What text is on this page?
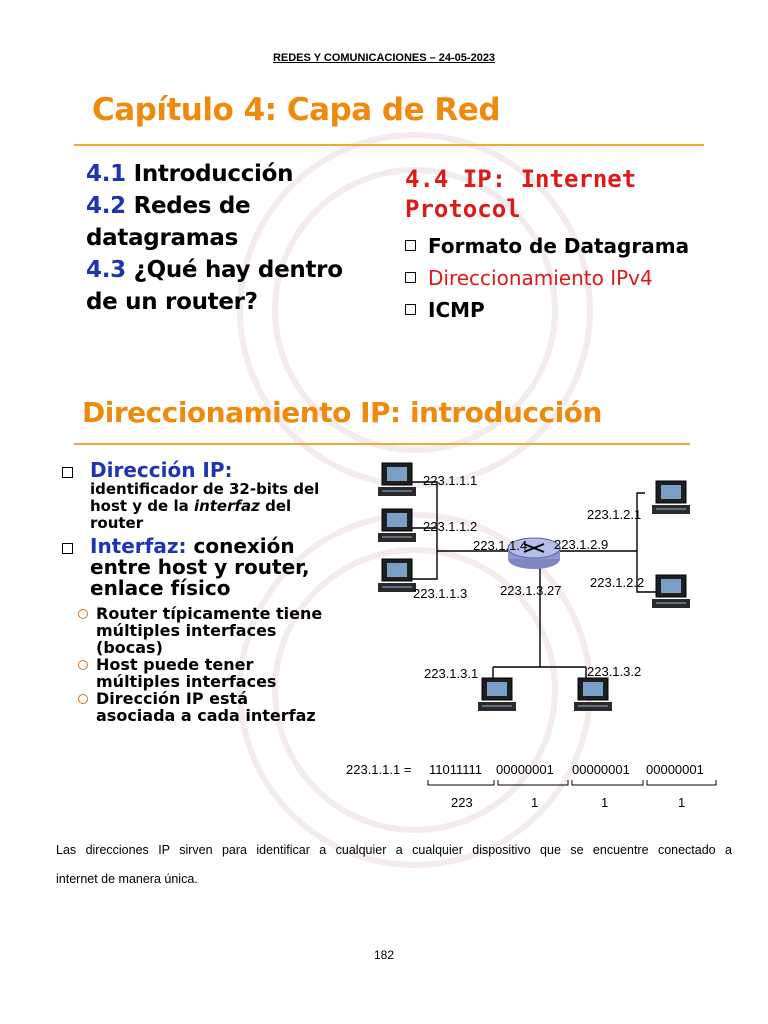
REDES Y COMUNICACIONES – 24-05-2023
Capítulo 4: Capa de Red
4.1 Introducción
4.2 Redes de
datagramas
4.3 ¿Qué hay dentro
de un router?
4.4 IP: Internet
Protocol
Formato de Datagrama
Direccionamiento IPv4
ICMP
Direccionamiento IP: introducción
Dirección IP:
identificador de 32-bits del
host y de la interfaz del
router
Interfaz: conexión
entre host y router,
enlace físico
Router típicamente tiene
múltiples interfaces
(bocas)
Host puede tener
múltiples interfaces
Dirección IP está
asociada a cada interfaz
223.1.1.1
223.1.1.2
223.1.1.4 223.1.2.9
223.1.2.1
223.1.1.3	223.1.3.27
223.1.2.2
223.1.3.1	223.1.3.2
223.1.1.1 = 11011111 00000001 00000001 00000001
223	1	1	1
Las direcciones IP sirven para identificar a cualquier a cualquier dispositivo que se encuentre conectado a
internet de manera única.
182
